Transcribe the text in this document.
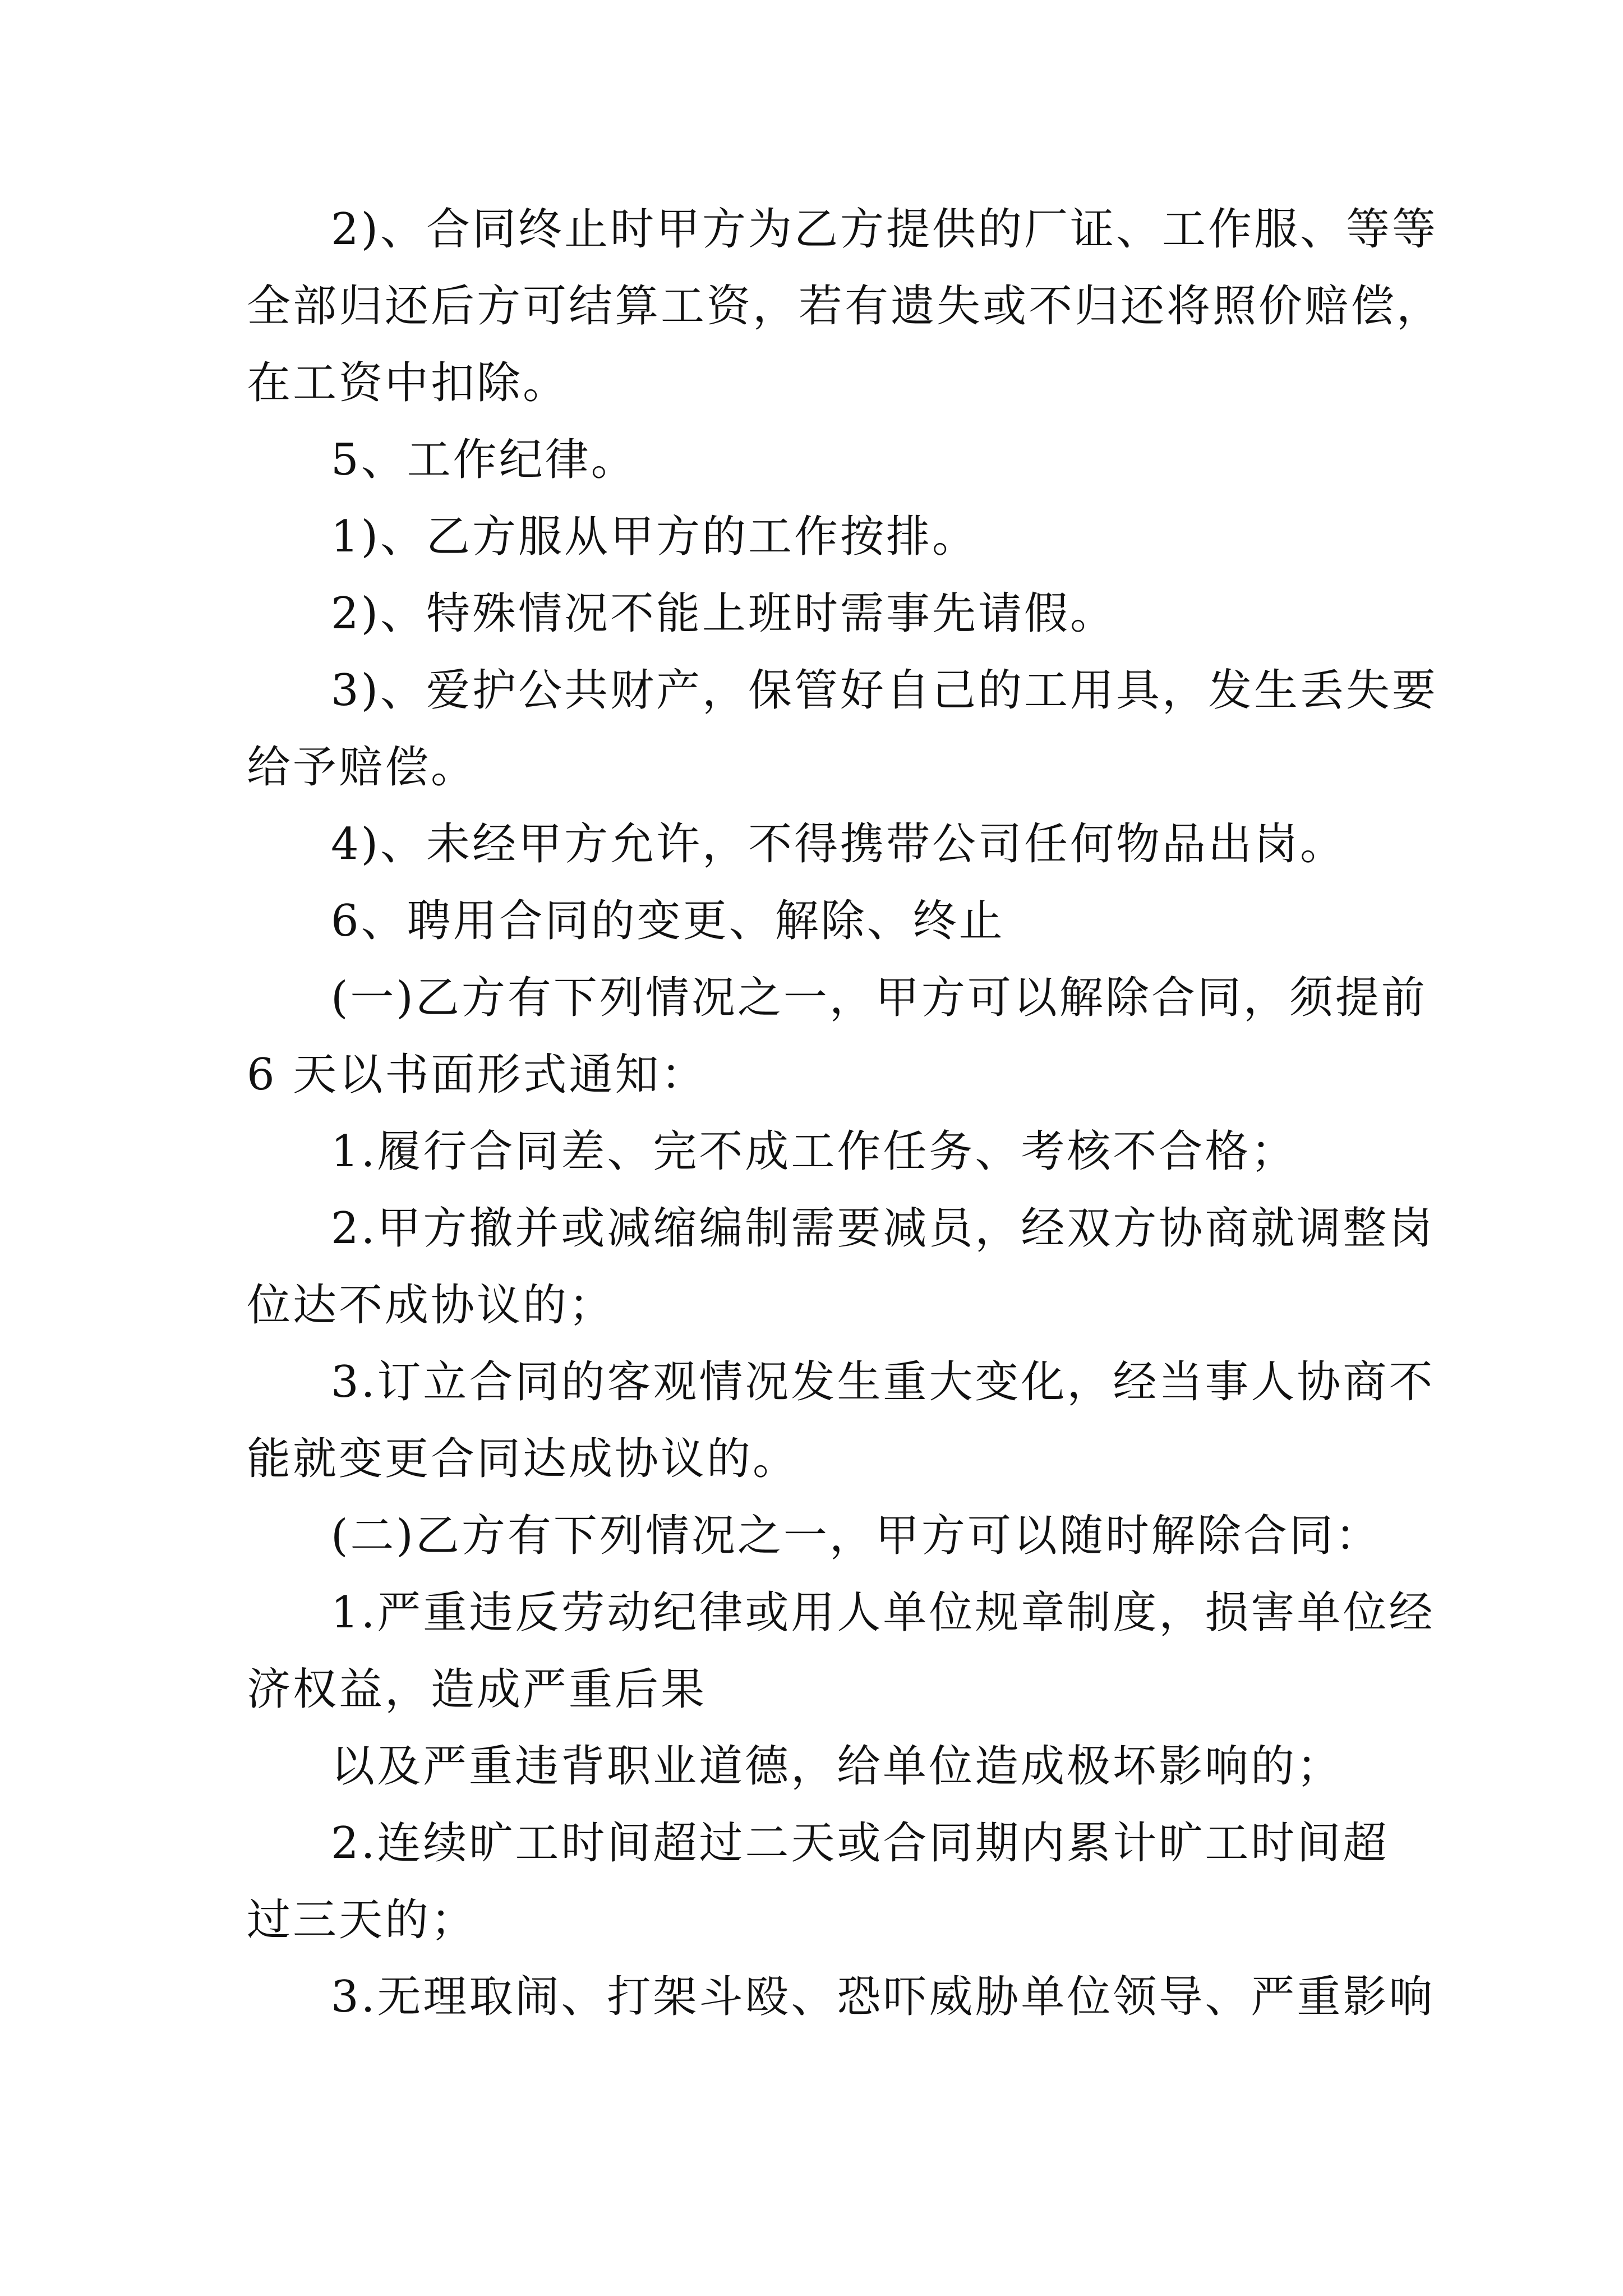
2)、合同终止时甲方为乙方提供的厂证、工作服、等等
全部归还后方可结算工资，若有遗失或不归还将照价赔偿，
在工资中扣除。
5、工作纪律。
1)、乙方服从甲方的工作按排。
2)、特殊情况不能上班时需事先请假。
3)、爱护公共财产，保管好自己的工用具，发生丢失要
给予赔偿。
4)、未经甲方允许，不得携带公司任何物品出岗。
6、聘用合同的变更、解除、终止
(一)乙方有下列情况之一，甲方可以解除合同，须提前
6 天以书面形式通知：
1.履行合同差、完不成工作任务、考核不合格；
2.甲方撤并或减缩编制需要减员，经双方协商就调整岗
位达不成协议的；
3.订立合同的客观情况发生重大变化，经当事人协商不
能就变更合同达成协议的。
(二)乙方有下列情况之一，甲方可以随时解除合同：
1.严重违反劳动纪律或用人单位规章制度，损害单位经
济权益，造成严重后果
以及严重违背职业道德，给单位造成极坏影响的；
2.连续旷工时间超过二天或合同期内累计旷工时间超
过三天的；
3.无理取闹、打架斗殴、恐吓威胁单位领导、严重影响
